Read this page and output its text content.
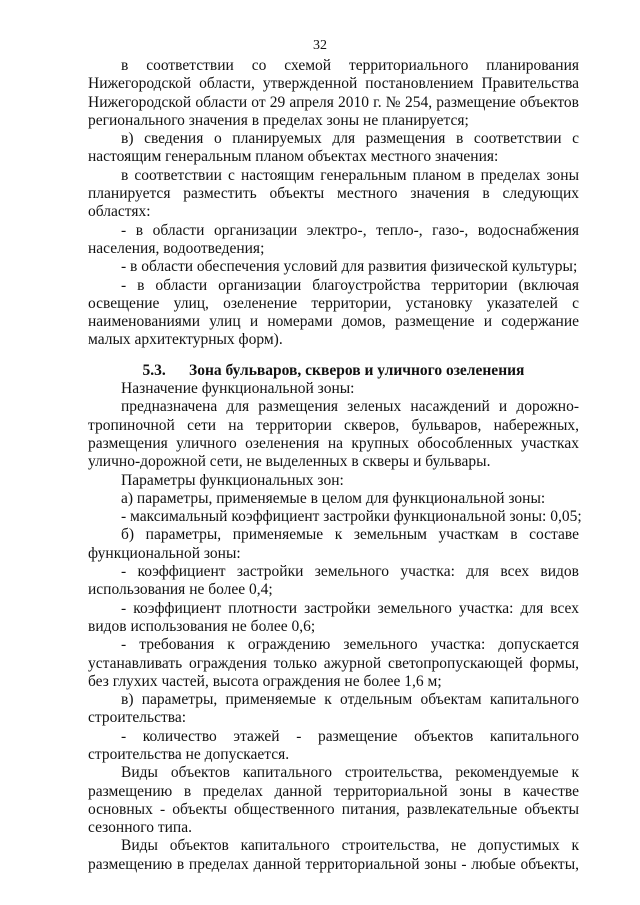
32
в соответствии со схемой территориального планирования
Нижегородской области, утвержденной постановлением Правительства
Нижегородской области от 29 апреля 2010 г. № 254, размещение объектов
регионального значения в пределах зоны не планируется;
в) сведения о планируемых для размещения в соответствии с
настоящим генеральным планом объектах местного значения:
в соответствии с настоящим генеральным планом в пределах зоны
планируется разместить объекты местного значения в следующих
областях:
- в области организации электро-, тепло-, газо-, водоснабжения
населения, водоотведения;
- в области обеспечения условий для развития физической культуры;
- в области организации благоустройства территории (включая
освещение улиц, озеленение территории, установку указателей с
наименованиями улиц и номерами домов, размещение и содержание
малых архитектурных форм).
5.3. Зона бульваров, скверов и уличного озеленения
Назначение функциональной зоны:
предназначена для размещения зеленых насаждений и дорожно-
тропиночной сети на территории скверов, бульваров, набережных,
размещения уличного озеленения на крупных обособленных участках
улично-дорожной сети, не выделенных в скверы и бульвары.
Параметры функциональных зон:
а) параметры, применяемые в целом для функциональной зоны:
- максимальный коэффициент застройки функциональной зоны: 0,05;
б) параметры, применяемые к земельным участкам в составе
функциональной зоны:
- коэффициент застройки земельного участка: для всех видов
использования не более 0,4;
- коэффициент плотности застройки земельного участка: для всех
видов использования не более 0,6;
- требования к ограждению земельного участка: допускается
устанавливать ограждения только ажурной светопропускающей формы,
без глухих частей, высота ограждения не более 1,6 м;
в) параметры, применяемые к отдельным объектам капитального
строительства:
- количество этажей - размещение объектов капитального
строительства не допускается.
Виды объектов капитального строительства, рекомендуемые к
размещению в пределах данной территориальной зоны в качестве
основных - объекты общественного питания, развлекательные объекты
сезонного типа.
Виды объектов капитального строительства, не допустимых к
размещению в пределах данной территориальной зоны - любые объекты,
